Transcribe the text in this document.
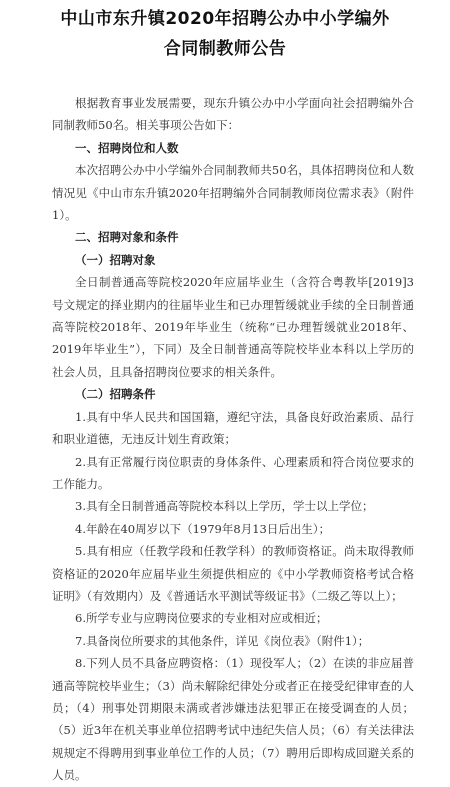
中山市东升镇2020年招聘公办中小学编外
合同制教师公告

根据教育事业发展需要，现东升镇公办中小学面向社会招聘编外合同制教师50名。相关事项公告如下：

一、招聘岗位和人数

本次招聘公办中小学编外合同制教师共50名，具体招聘岗位和人数情况见《中山市东升镇2020年招聘编外合同制教师岗位需求表》（附件1）。

二、招聘对象和条件

（一）招聘对象

全日制普通高等院校2020年应届毕业生（含符合粤教毕[2019]3号文规定的择业期内的往届毕业生和已办理暂缓就业手续的全日制普通高等院校2018年、2019年毕业生（统称“已办理暂缓就业2018年、2019年毕业生”），下同）及全日制普通高等院校毕业本科以上学历的社会人员，且具备招聘岗位要求的相关条件。

（二）招聘条件

1.具有中华人民共和国国籍，遵纪守法，具备良好政治素质、品行和职业道德，无违反计划生育政策；

2.具有正常履行岗位职责的身体条件、心理素质和符合岗位要求的工作能力。

3.具有全日制普通高等院校本科以上学历，学士以上学位；

4.年龄在40周岁以下（1979年8月13日后出生）；

5.具有相应（任教学段和任教学科）的教师资格证。尚未取得教师资格证的2020年应届毕业生须提供相应的《中小学教师资格考试合格证明》（有效期内）及《普通话水平测试等级证书》（二级乙等以上）；

6.所学专业与应聘岗位要求的专业相对应或相近；

7.具备岗位所要求的其他条件，详见《岗位表》（附件1）；

8.下列人员不具备应聘资格：（1）现役军人；（2）在读的非应届普通高等院校毕业生；（3）尚未解除纪律处分或者正在接受纪律审查的人员；（4）刑事处罚期限未满或者涉嫌违法犯罪正在接受调查的人员；（5）近3年在机关事业单位招聘考试中违纪失信人员；（6）有关法律法规规定不得聘用到事业单位工作的人员；（7）聘用后即构成回避关系的人员。
